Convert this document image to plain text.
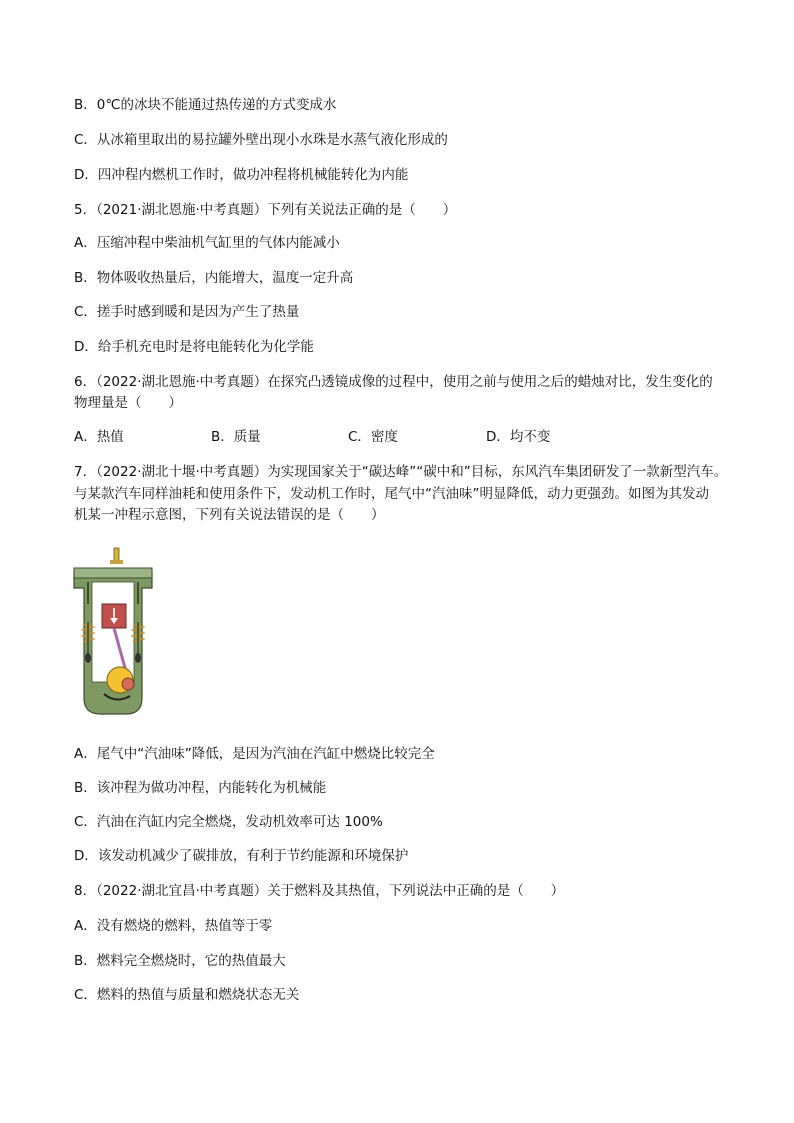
B．0℃的冰块不能通过热传递的方式变成水
C．从冰箱里取出的易拉罐外壁出现小水珠是水蒸气液化形成的
D．四冲程内燃机工作时，做功冲程将机械能转化为内能
5．（2021·湖北恩施·中考真题）下列有关说法正确的是（　　）
A．压缩冲程中柴油机气缸里的气体内能减小
B．物体吸收热量后，内能增大，温度一定升高
C．搓手时感到暖和是因为产生了热量
D．给手机充电时是将电能转化为化学能
6．（2022·湖北恩施·中考真题）在探究凸透镜成像的过程中，使用之前与使用之后的蜡烛对比，发生变化的
物理量是（　　）
A．热值	B．质量	C．密度	D．均不变
7．（2022·湖北十堰·中考真题）为实现国家关于“碳达峰”“碳中和”目标，东风汽车集团研发了一款新型汽车。
与某款汽车同样油耗和使用条件下，发动机工作时，尾气中“汽油味”明显降低，动力更强劲。如图为其发动
机某一冲程示意图，下列有关说法错误的是（　　）
A．尾气中“汽油味”降低，是因为汽油在汽缸中燃烧比较完全
B．该冲程为做功冲程，内能转化为机械能
C．汽油在汽缸内完全燃烧，发动机效率可达 100%
D．该发动机减少了碳排放，有利于节约能源和环境保护
8．（2022·湖北宜昌·中考真题）关于燃料及其热值，下列说法中正确的是（　　）
A．没有燃烧的燃料，热值等于零
B．燃料完全燃烧时，它的热值最大
C．燃料的热值与质量和燃烧状态无关
